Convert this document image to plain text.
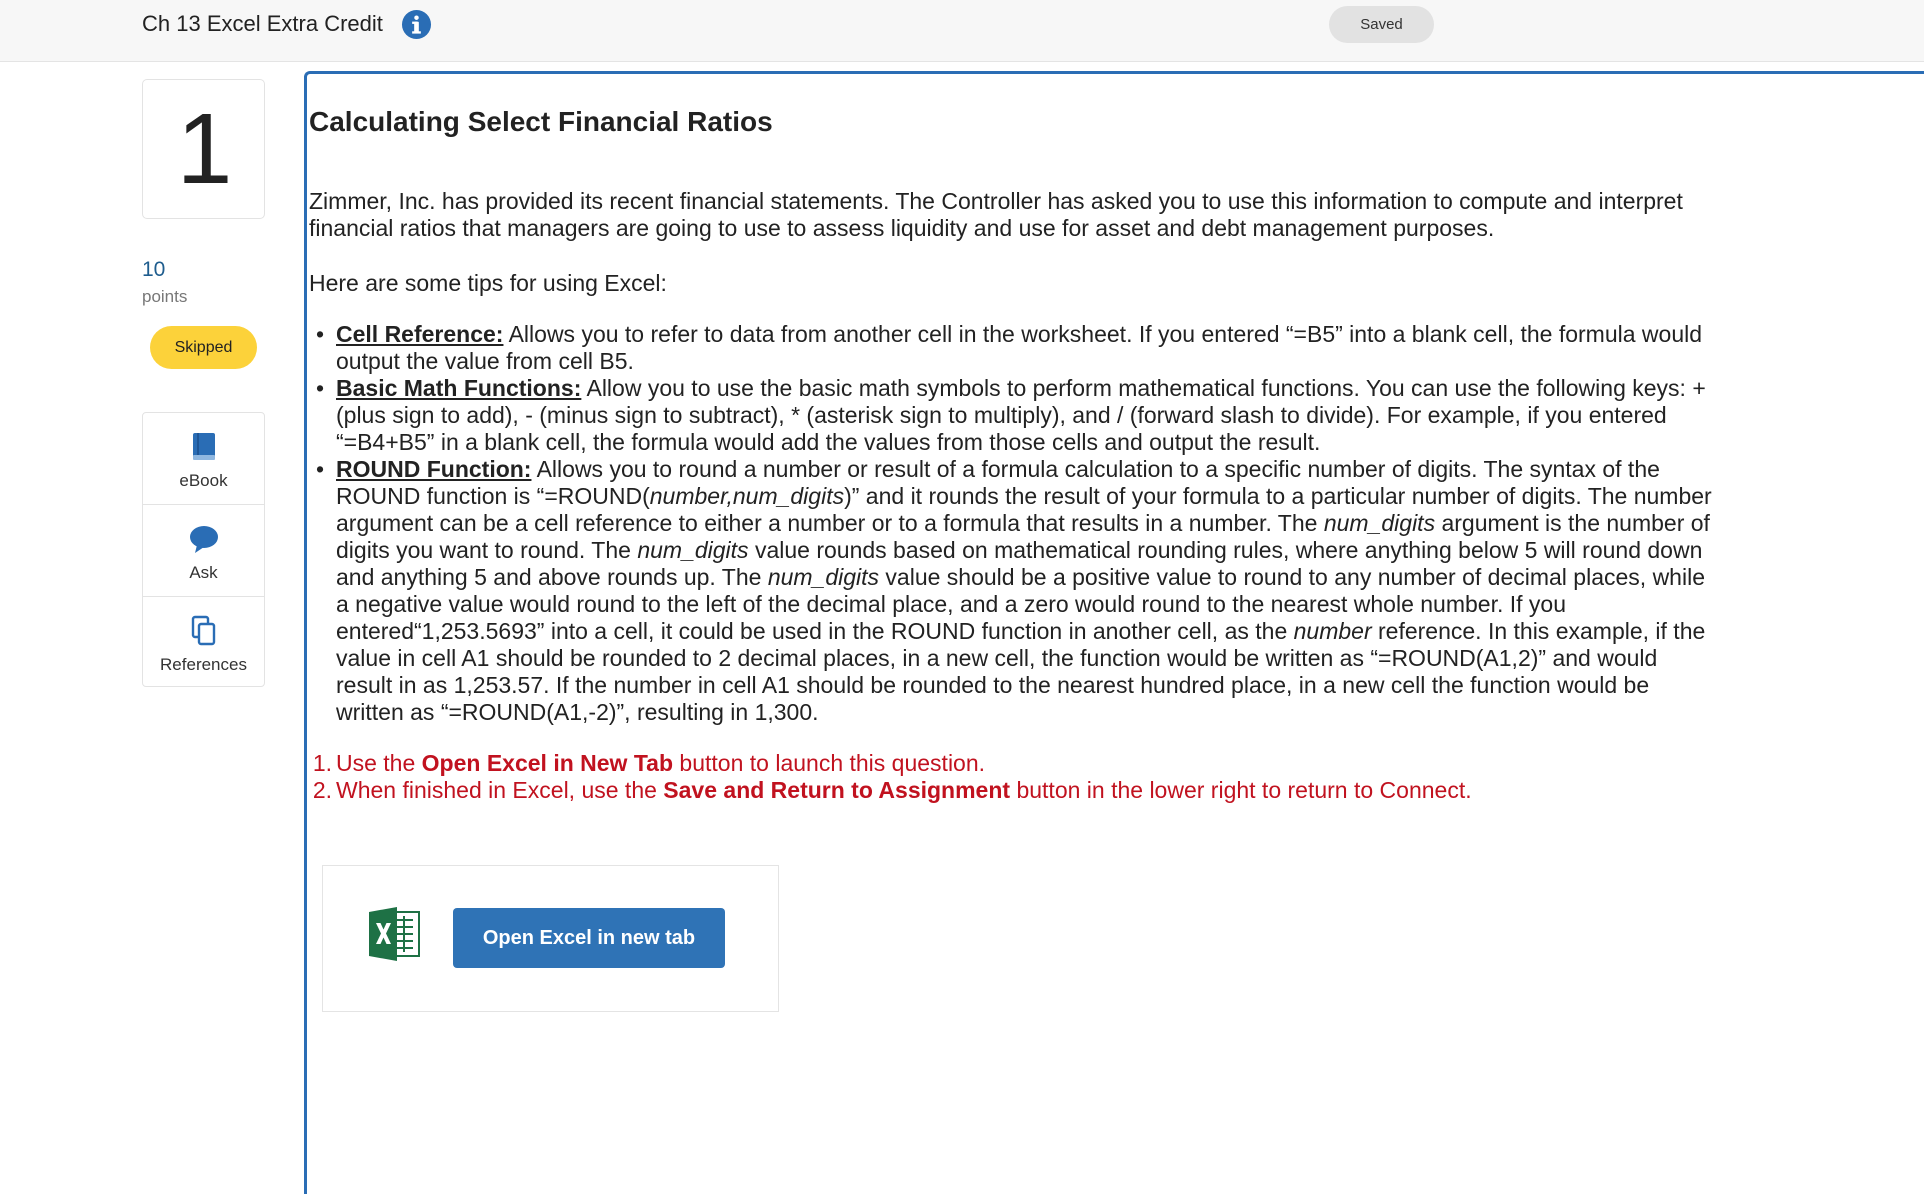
Ch 13 Excel Extra Credit	Saved
1
10
points
Skipped
eBook
Ask
References
Calculating Select Financial Ratios

Zimmer, Inc. has provided its recent financial statements. The Controller has asked you to use this information to compute and interpret financial ratios that managers are going to use to assess liquidity and use for asset and debt management purposes.

Here are some tips for using Excel:

• Cell Reference: Allows you to refer to data from another cell in the worksheet. If you entered “=B5” into a blank cell, the formula would output the value from cell B5.
• Basic Math Functions: Allow you to use the basic math symbols to perform mathematical functions. You can use the following keys: + (plus sign to add), - (minus sign to subtract), * (asterisk sign to multiply), and / (forward slash to divide). For example, if you entered “=B4+B5” in a blank cell, the formula would add the values from those cells and output the result.
• ROUND Function: Allows you to round a number or result of a formula calculation to a specific number of digits. The syntax of the ROUND function is “=ROUND(number,num_digits)” and it rounds the result of your formula to a particular number of digits. The number argument can be a cell reference to either a number or to a formula that results in a number. The num_digits argument is the number of digits you want to round. The num_digits value rounds based on mathematical rounding rules, where anything below 5 will round down and anything 5 and above rounds up. The num_digits value should be a positive value to round to any number of decimal places, while a negative value would round to the left of the decimal place, and a zero would round to the nearest whole number. If you entered“1,253.5693” into a cell, it could be used in the ROUND function in another cell, as the number reference. In this example, if the value in cell A1 should be rounded to 2 decimal places, in a new cell, the function would be written as “=ROUND(A1,2)” and would result in as 1,253.57. If the number in cell A1 should be rounded to the nearest hundred place, in a new cell the function would be written as “=ROUND(A1,-2)”, resulting in 1,300.
1. Use the Open Excel in New Tab button to launch this question.
2. When finished in Excel, use the Save and Return to Assignment button in the lower right to return to Connect.
Open Excel in new tab
